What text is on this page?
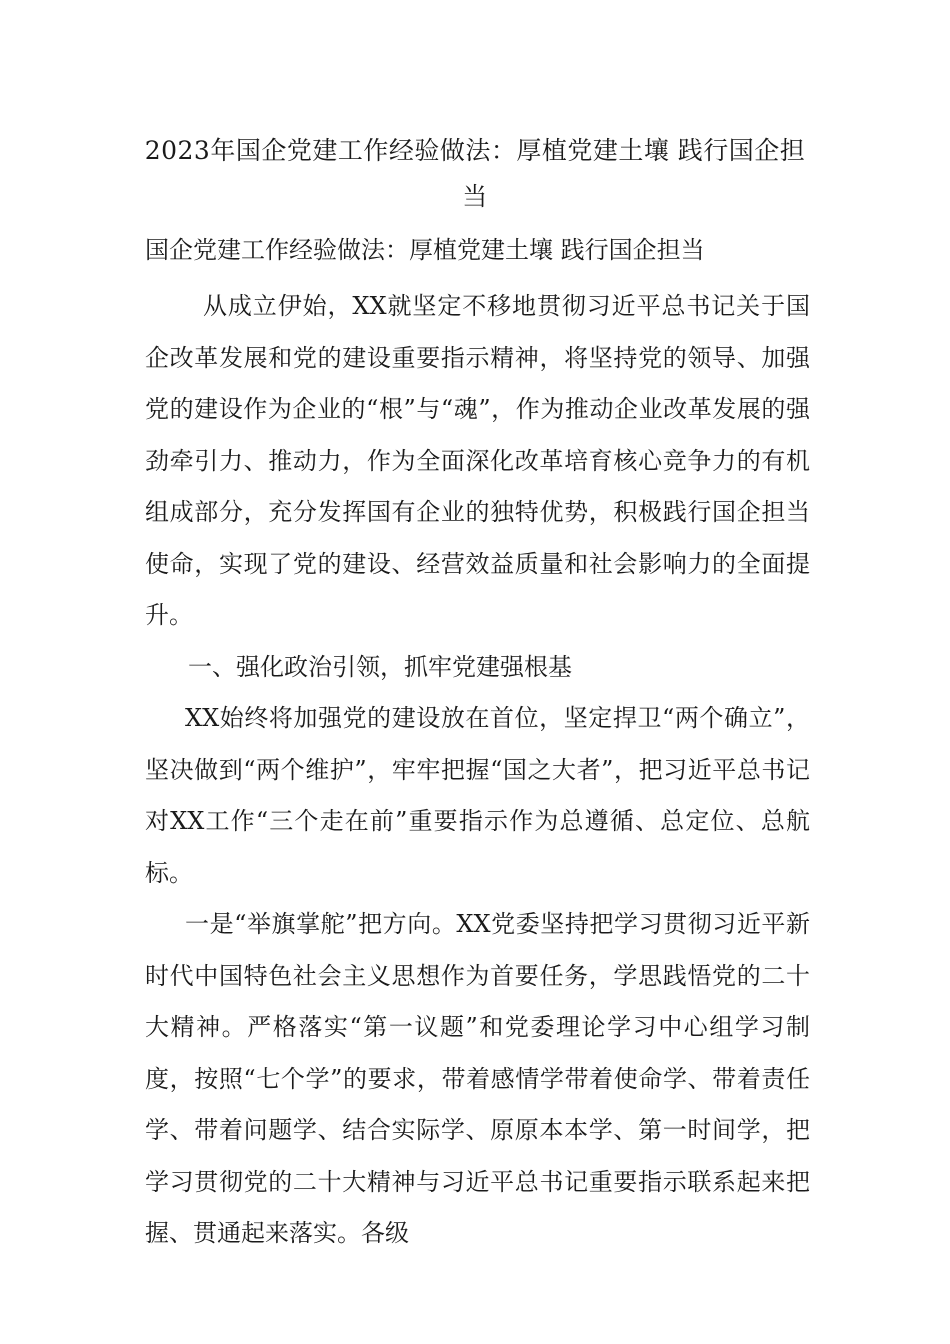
2023年国企党建工作经验做法：厚植党建土壤 践行国企担当
国企党建工作经验做法：厚植党建土壤 践行国企担当

从成立伊始，XX就坚定不移地贯彻习近平总书记关于国企改革发展和党的建设重要指示精神，将坚持党的领导、加强党的建设作为企业的“根”与“魂”，作为推动企业改革发展的强劲牵引力、推动力，作为全面深化改革培育核心竞争力的有机组成部分，充分发挥国有企业的独特优势，积极践行国企担当使命，实现了党的建设、经营效益质量和社会影响力的全面提升。

一、强化政治引领，抓牢党建强根基

XX始终将加强党的建设放在首位，坚定捍卫“两个确立”，坚决做到“两个维护”，牢牢把握“国之大者”，把习近平总书记对XX工作“三个走在前”重要指示作为总遵循、总定位、总航标。

一是“举旗掌舵”把方向。XX党委坚持把学习贯彻习近平新时代中国特色社会主义思想作为首要任务，学思践悟党的二十大精神。严格落实“第一议题”和党委理论学习中心组学习制度，按照“七个学”的要求，带着感情学带着使命学、带着责任学、带着问题学、结合实际学、原原本本学、第一时间学，把学习贯彻党的二十大精神与习近平总书记重要指示联系起来把握、贯通起来落实。各级
